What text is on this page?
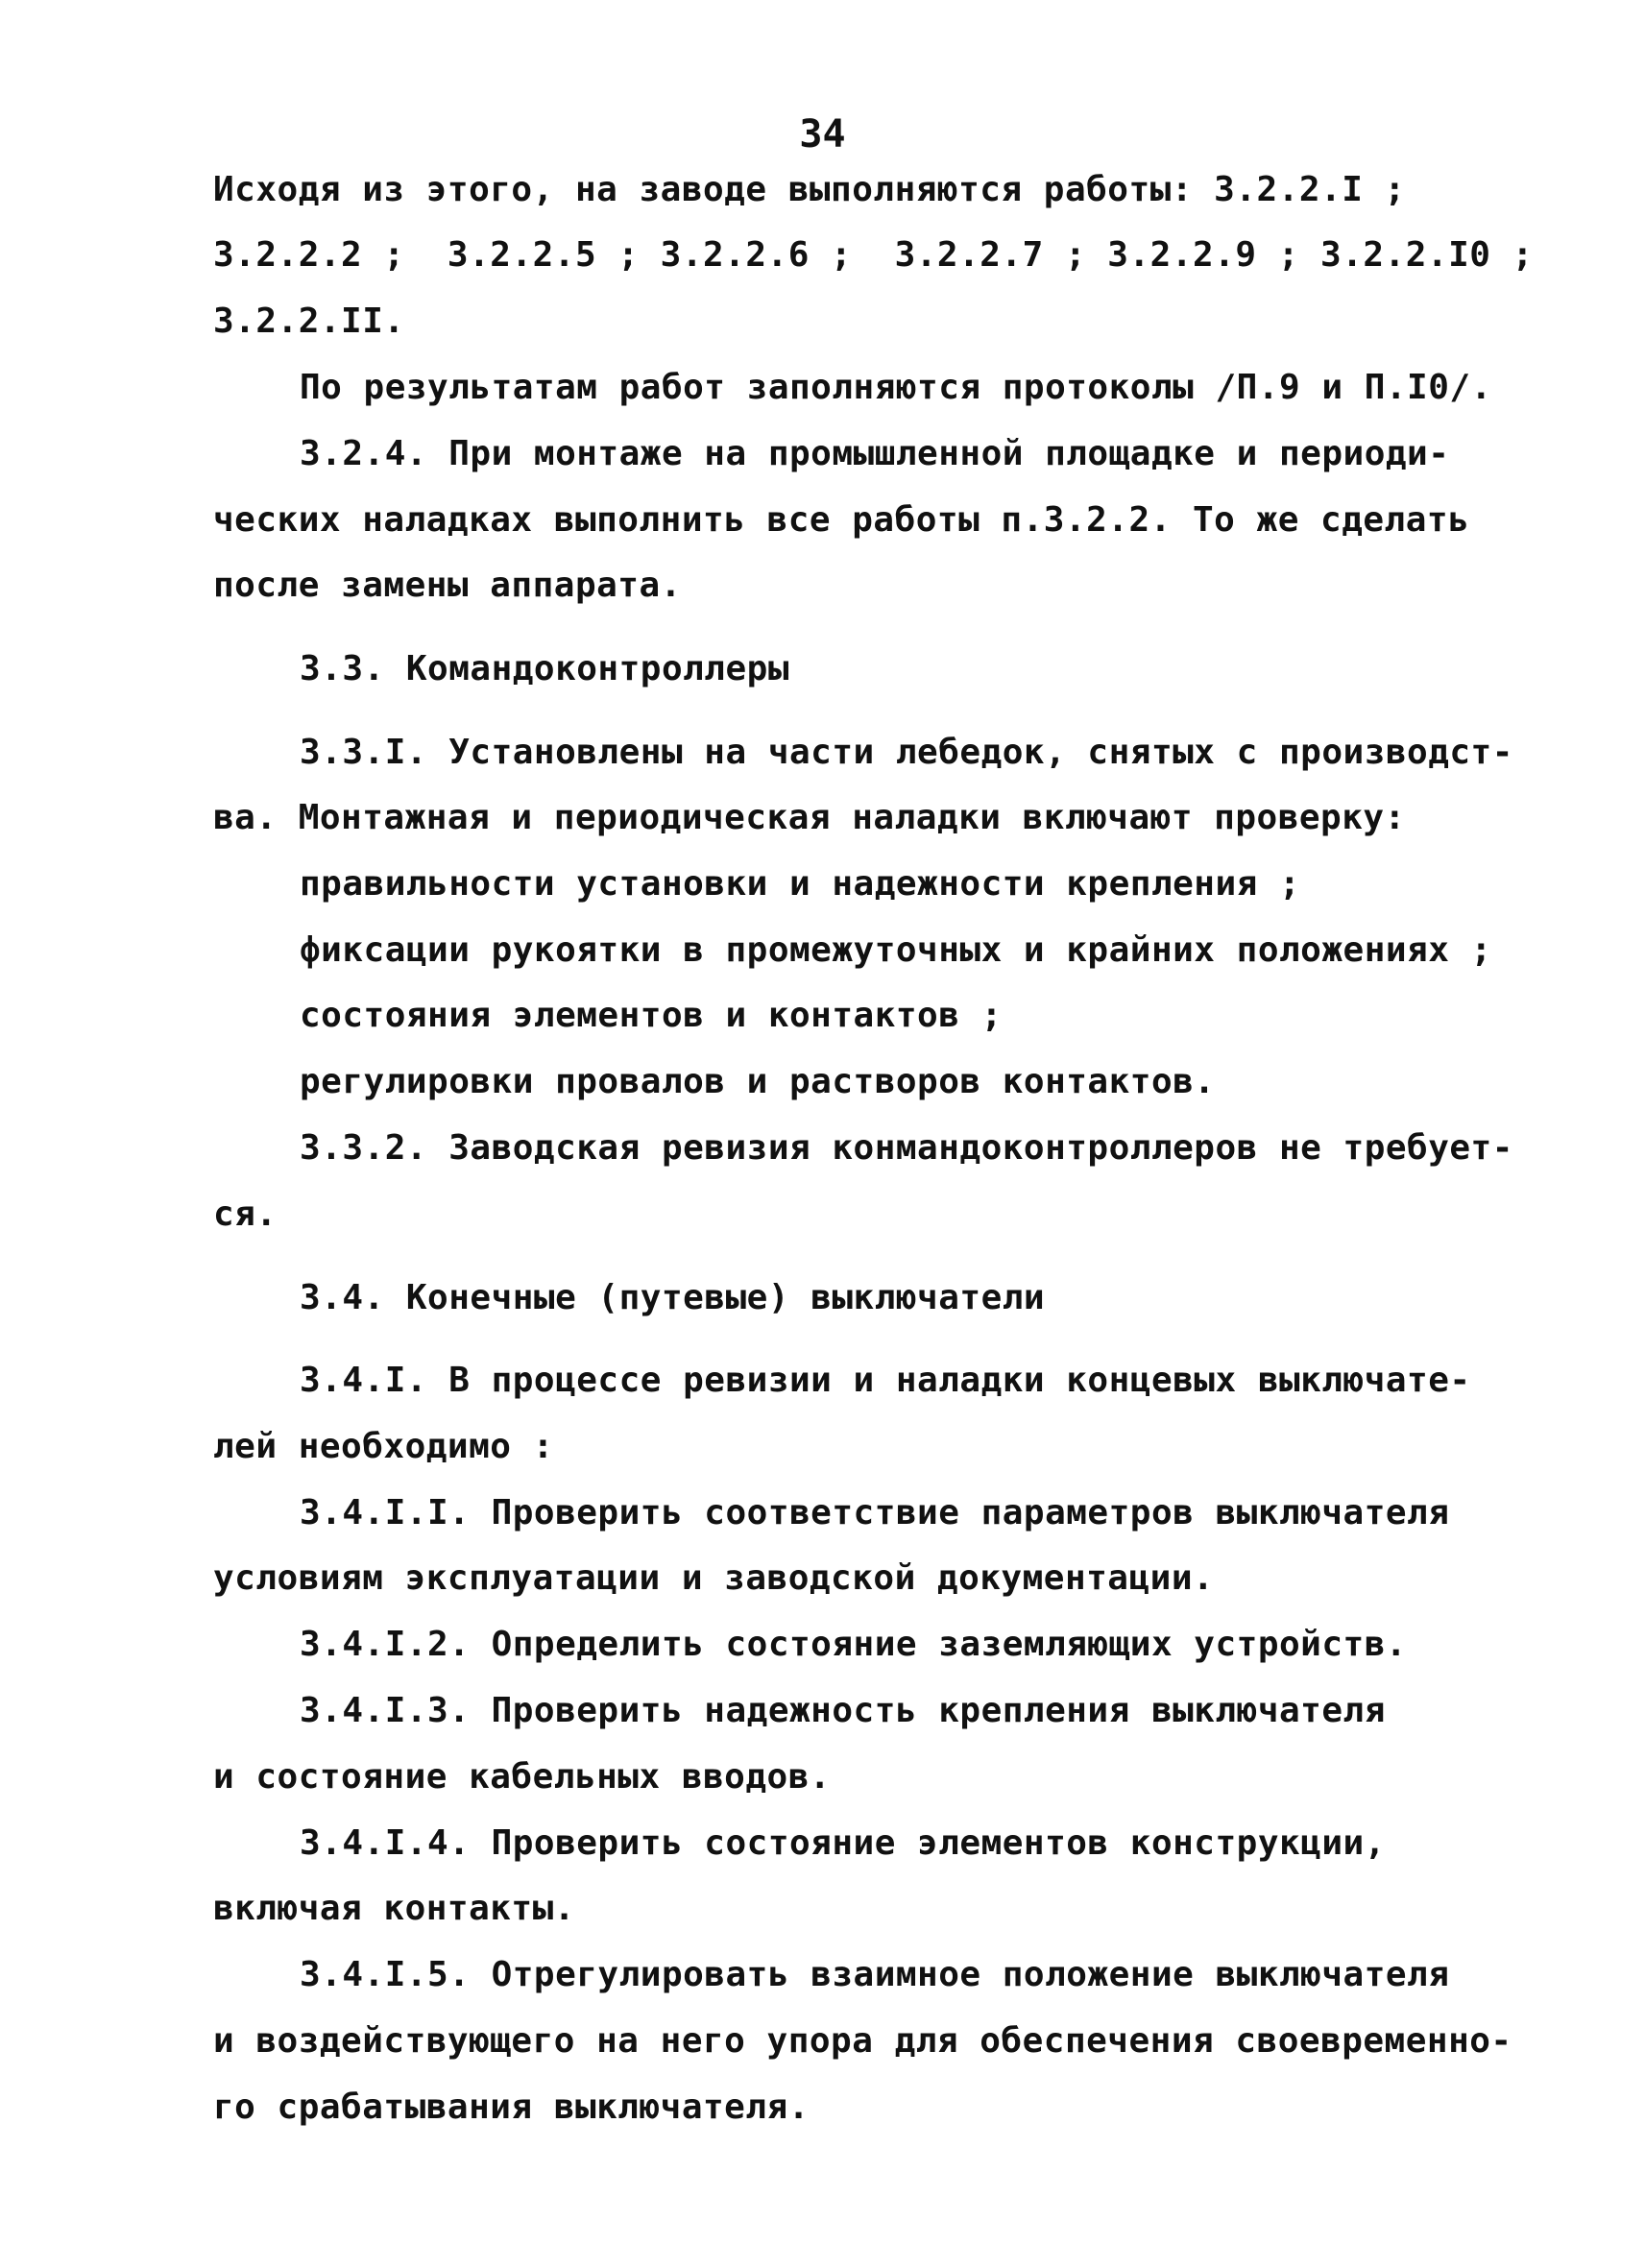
34
Исходя из этого, на заводе выполняются работы: 3.2.2.I ;
3.2.2.2 ;  3.2.2.5 ; 3.2.2.6 ;  3.2.2.7 ; 3.2.2.9 ; 3.2.2.I0 ;
3.2.2.II.
По результатам работ заполняются протоколы /П.9 и П.I0/.
3.2.4. При монтаже на промышленной площадке и периоди-
ческих наладках выполнить все работы п.3.2.2. То же сделать
после замены аппарата.
3.3. Командоконтроллеры
3.3.I. Установлены на части лебедок, снятых с производст-
ва. Монтажная и периодическая наладки включают проверку:
правильности установки и надежности крепления ;
фиксации рукоятки в промежуточных и крайних положениях ;
состояния элементов и контактов ;
регулировки провалов и растворов контактов.
3.3.2. Заводская ревизия конмандоконтроллеров не требует-
ся.
3.4. Конечные (путевые) выключатели
3.4.I. В процессе ревизии и наладки концевых выключате-
лей необходимо :
3.4.I.I. Проверить соответствие параметров выключателя
условиям эксплуатации и заводской документации.
3.4.I.2. Определить состояние заземляющих устройств.
3.4.I.3. Проверить надежность крепления выключателя
и состояние кабельных вводов.
3.4.I.4. Проверить состояние элементов конструкции,
включая контакты.
3.4.I.5. Отрегулировать взаимное положение выключателя
и воздействующего на него упора для обеспечения своевременно-
го срабатывания выключателя.
